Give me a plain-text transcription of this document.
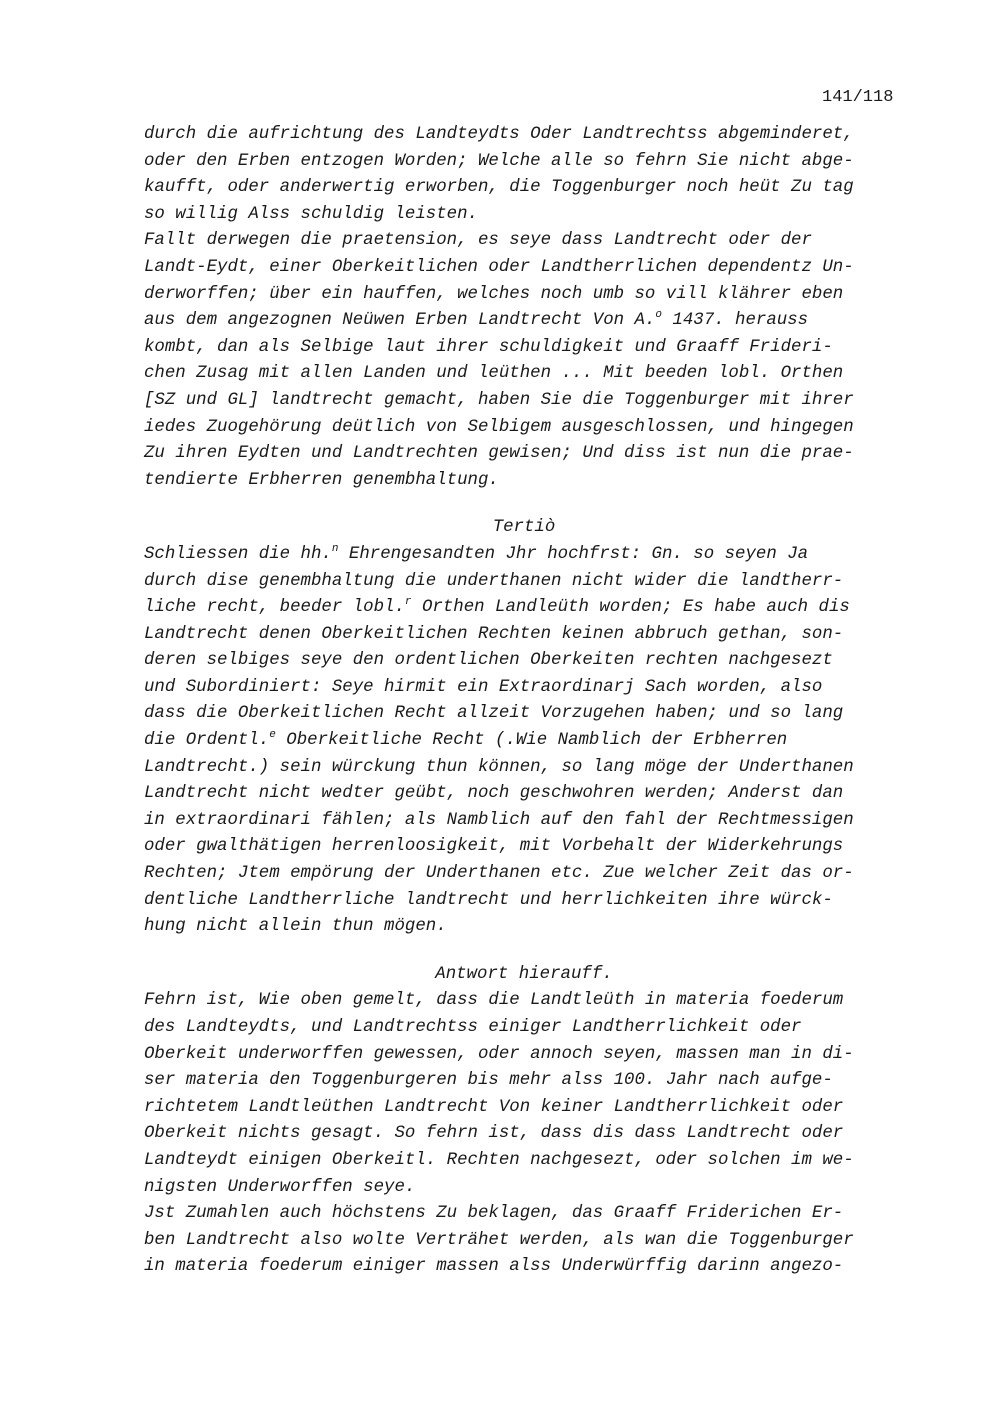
141/118
durch die aufrichtung des Landteydts Oder Landtrechtss abgeminderet,
oder den Erben entzogen Worden; Welche alle so fehrn Sie nicht abge-
kaufft, oder anderwertig erworben, die Toggenburger noch heüt Zu tag
so willig Alss schuldig leisten.
Fallt derwegen die praetension, es seye dass Landtrecht oder der
Landt-Eydt, einer Oberkeitlichen oder Landtherrlichen dependentz Un-
derworffen; über ein hauffen, welches noch umb so vill klährer eben
aus dem angezognen Neüwen Erben Landtrecht Von A.$^o$ 1437. herauss
kombt, dan als Selbige laut ihrer schuldigkeit und Graaff Frideri-
chen Zusag mit allen Landen und leüthen ... Mit beeden lobl. Orthen
[SZ und GL] landtrecht gemacht, haben Sie die Toggenburger mit ihrer
iedes Zuogehörung deütlich von Selbigem ausgeschlossen, und hingegen
Zu ihren Eydten und Landtrechten gewisen; Und diss ist nun die prae-
tendierte Erbherren genembhaltung.
Tertiò
Schliessen die hh.$^n$ Ehrengesandten Jhr hochfrst: Gn. so seyen Ja
durch dise genembhaltung die underthanen nicht wider die landtherr-
liche recht, beeder lobl.$^r$ Orthen Landleüth worden; Es habe auch dis
Landtrecht denen Oberkeitlichen Rechten keinen abbruch gethan, son-
deren selbiges seye den ordentlichen Oberkeiten rechten nachgesezt
und Subordiniert: Seye hirmit ein Extraordinarj Sach worden, also
dass die Oberkeitlichen Recht allzeit Vorzugehen haben; und so lang
die Ordentl.$^e$ Oberkeitliche Recht (.Wie Namblich der Erbherren
Landtrecht.) sein würckung thun können, so lang möge der Underthanen
Landtrecht nicht wedter geübt, noch geschwohren werden; Anderst dan
in extraordinari fählen; als Namblich auf den fahl der Rechtmessigen
oder gwalthätigen herrenloosigkeit, mit Vorbehalt der Widerkehrungs
Rechten; Jtem empörung der Underthanen etc. Zue welcher Zeit das or-
dentliche Landtherrliche landtrecht und herrlichkeiten ihre würck-
hung nicht allein thun mögen.
Antwort hierauff.
Fehrn ist, Wie oben gemelt, dass die Landtleüth in materia foederum
des Landteydts, und Landtrechtss einiger Landtherrlichkeit oder
Oberkeit underworffen gewessen, oder annoch seyen, massen man in di-
ser materia den Toggenburgeren bis mehr alss 100. Jahr nach aufge-
richtetem Landtleüthen Landtrecht Von keiner Landtherrlichkeit oder
Oberkeit nichts gesagt. So fehrn ist, dass dis dass Landtrecht oder
Landteydt einigen Oberkeitl. Rechten nachgesezt, oder solchen im we-
nigsten Underworffen seye.
Jst Zumahlen auch höchstens Zu beklagen, das Graaff Friderichen Er-
ben Landtrecht also wolte Verträhet werden, als wan die Toggenburger
in materia foederum einiger massen alss Underwürffig darinn angezo-
